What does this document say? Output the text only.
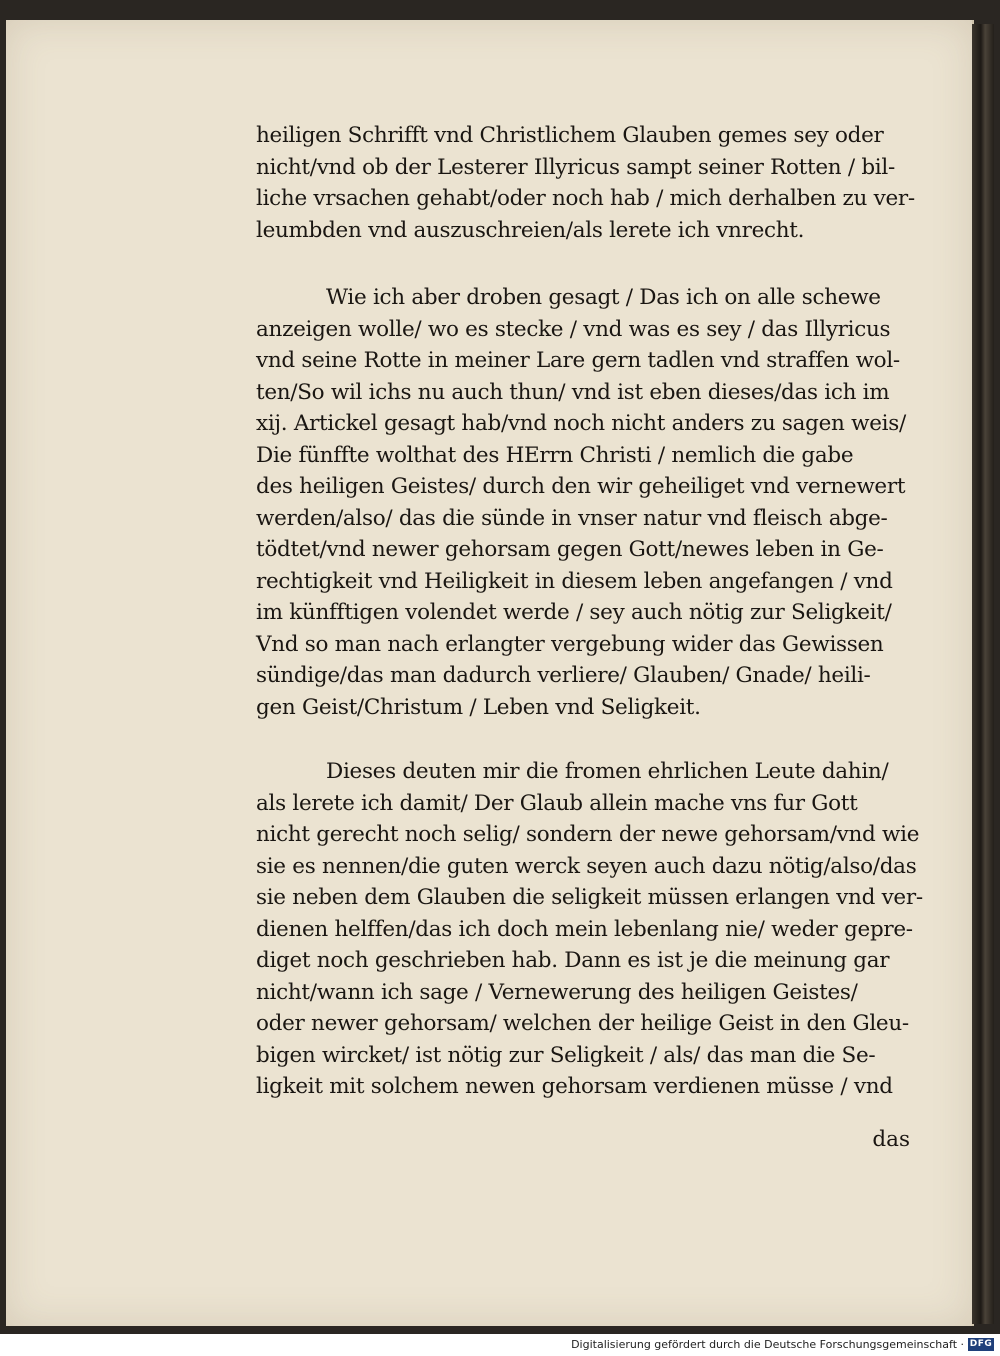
heiligen Schrifft vnd Christlichem Glauben gemes sey oder
nicht/vnd ob der Lesterer Illyricus sampt seiner Rotten / bil-
liche vrsachen gehabt/oder noch hab / mich derhalben zu ver-
leumbden vnd auszuschreien/als lerete ich vnrecht.
Wie ich aber droben gesagt / Das ich on alle schewe
anzeigen wolle/ wo es stecke / vnd was es sey / das Illyricus
vnd seine Rotte in meiner Lare gern tadlen vnd straffen wol-
ten/So wil ichs nu auch thun/ vnd ist eben dieses/das ich im
xij. Artickel gesagt hab/vnd noch nicht anders zu sagen weis/
Die fünffte wolthat des HErrn Christi / nemlich die gabe
des heiligen Geistes/ durch den wir geheiliget vnd vernewert
werden/also/ das die sünde in vnser natur vnd fleisch abge-
tödtet/vnd newer gehorsam gegen Gott/newes leben in Ge-
rechtigkeit vnd Heiligkeit in diesem leben angefangen / vnd
im künfftigen volendet werde / sey auch nötig zur Seligkeit/
Vnd so man nach erlangter vergebung wider das Gewissen
sündige/das man dadurch verliere/ Glauben/ Gnade/ heili-
gen Geist/Christum / Leben vnd Seligkeit.
Dieses deuten mir die fromen ehrlichen Leute dahin/
als lerete ich damit/ Der Glaub allein mache vns fur Gott
nicht gerecht noch selig/ sondern der newe gehorsam/vnd wie
sie es nennen/die guten werck seyen auch dazu nötig/also/das
sie neben dem Glauben die seligkeit müssen erlangen vnd ver-
dienen helffen/das ich doch mein lebenlang nie/ weder gepre-
diget noch geschrieben hab. Dann es ist je die meinung gar
nicht/wann ich sage / Vernewerung des heiligen Geistes/
oder newer gehorsam/ welchen der heilige Geist in den Gleu-
bigen wircket/ ist nötig zur Seligkeit / als/ das man die Se-
ligkeit mit solchem newen gehorsam verdienen müsse / vnd
das
Digitalisierung gefördert durch die Deutsche Forschungsgemeinschaft · DFG
